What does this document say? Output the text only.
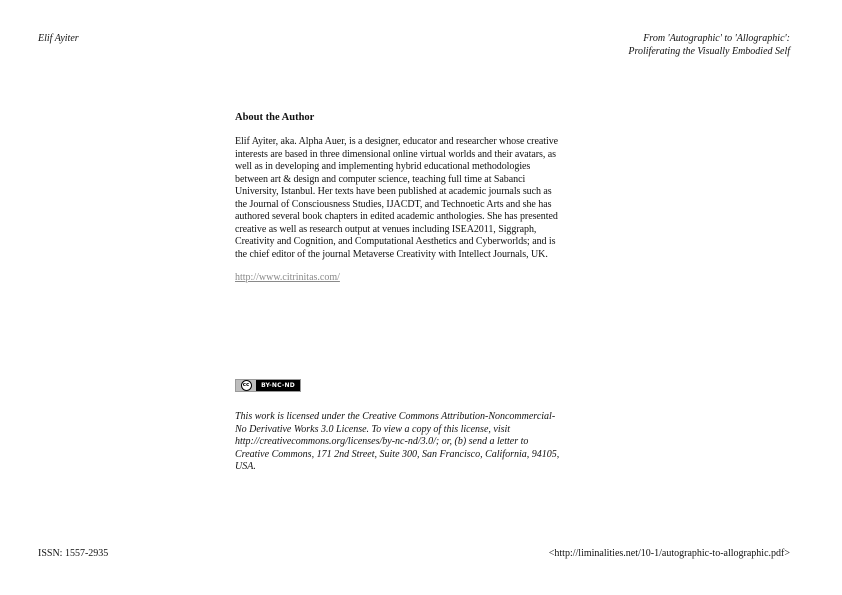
Elif Ayiter	From 'Autographic' to 'Allographic':
Proliferating the Visually Embodied Self
About the Author
Elif Ayiter, aka. Alpha Auer, is a designer, educator and researcher whose creative
interests are based in three dimensional online virtual worlds and their avatars, as
well as in developing and implementing hybrid educational methodologies
between art & design and computer science, teaching full time at Sabanci
University, Istanbul. Her texts have been published at academic journals such as
the Journal of Consciousness Studies, IJACDT, and Technoetic Arts and she has
authored several book chapters in edited academic anthologies. She has presented
creative as well as research output at venues including ISEA2011, Siggraph,
Creativity and Cognition, and Computational Aesthetics and Cyberworlds; and is
the chief editor of the journal Metaverse Creativity with Intellect Journals, UK.
http://www.citrinitas.com/
cc	BY-NC-ND
This work is licensed under the Creative Commons Attribution-Noncommercial-
No Derivative Works 3.0 License. To view a copy of this license, visit
http://creativecommons.org/licenses/by-nc-nd/3.0/; or, (b) send a letter to
Creative Commons, 171 2nd Street, Suite 300, San Francisco, California, 94105,
USA.
ISSN: 1557-2935	<http://liminalities.net/10-1/autographic-to-allographic.pdf>
